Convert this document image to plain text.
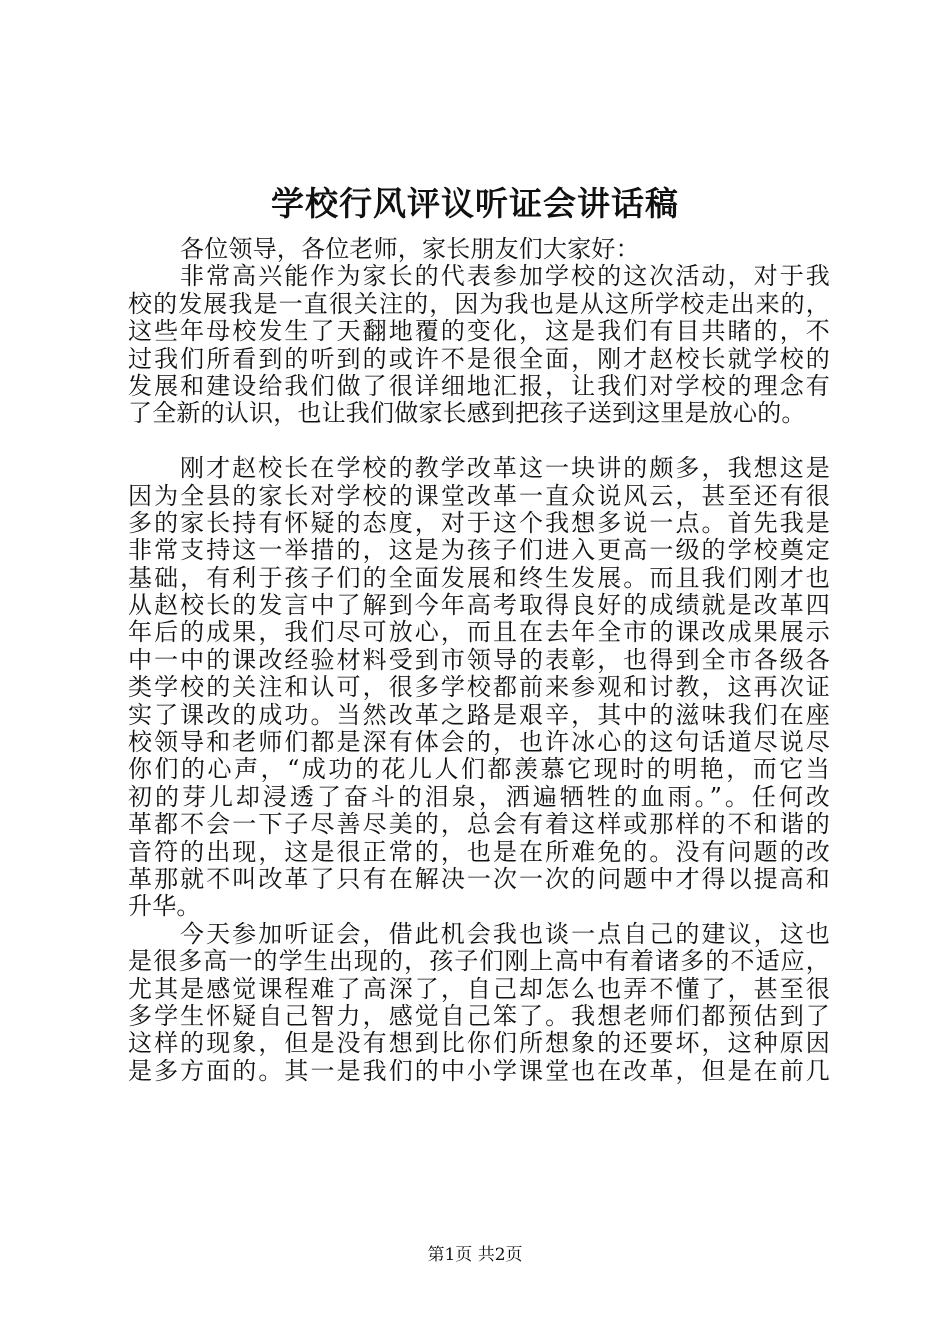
学校行风评议听证会讲话稿
各位领导，各位老师，家长朋友们大家好：
非常高兴能作为家长的代表参加学校的这次活动，对于我
校的发展我是一直很关注的，因为我也是从这所学校走出来的，
这些年母校发生了天翻地覆的变化，这是我们有目共睹的，不
过我们所看到的听到的或许不是很全面，刚才赵校长就学校的
发展和建设给我们做了很详细地汇报，让我们对学校的理念有
了全新的认识，也让我们做家长感到把孩子送到这里是放心的。
刚才赵校长在学校的教学改革这一块讲的颇多，我想这是
因为全县的家长对学校的课堂改革一直众说风云，甚至还有很
多的家长持有怀疑的态度，对于这个我想多说一点。首先我是
非常支持这一举措的，这是为孩子们进入更高一级的学校奠定
基础，有利于孩子们的全面发展和终生发展。而且我们刚才也
从赵校长的发言中了解到今年高考取得良好的成绩就是改革四
年后的成果，我们尽可放心，而且在去年全市的课改成果展示
中一中的课改经验材料受到市领导的表彰，也得到全市各级各
类学校的关注和认可，很多学校都前来参观和讨教，这再次证
实了课改的成功。当然改革之路是艰辛，其中的滋味我们在座
校领导和老师们都是深有体会的，也许冰心的这句话道尽说尽
你们的心声，“成功的花儿人们都羡慕它现时的明艳，而它当
初的芽儿却浸透了奋斗的泪泉，洒遍牺牲的血雨。”。任何改
革都不会一下子尽善尽美的，总会有着这样或那样的不和谐的
音符的出现，这是很正常的，也是在所难免的。没有问题的改
革那就不叫改革了只有在解决一次一次的问题中才得以提高和
升华。
今天参加听证会，借此机会我也谈一点自己的建议，这也
是很多高一的学生出现的，孩子们刚上高中有着诸多的不适应，
尤其是感觉课程难了高深了，自己却怎么也弄不懂了，甚至很
多学生怀疑自己智力，感觉自己笨了。我想老师们都预估到了
这样的现象，但是没有想到比你们所想象的还要坏，这种原因
是多方面的。其一是我们的中小学课堂也在改革，但是在前几
第1页 共2页
